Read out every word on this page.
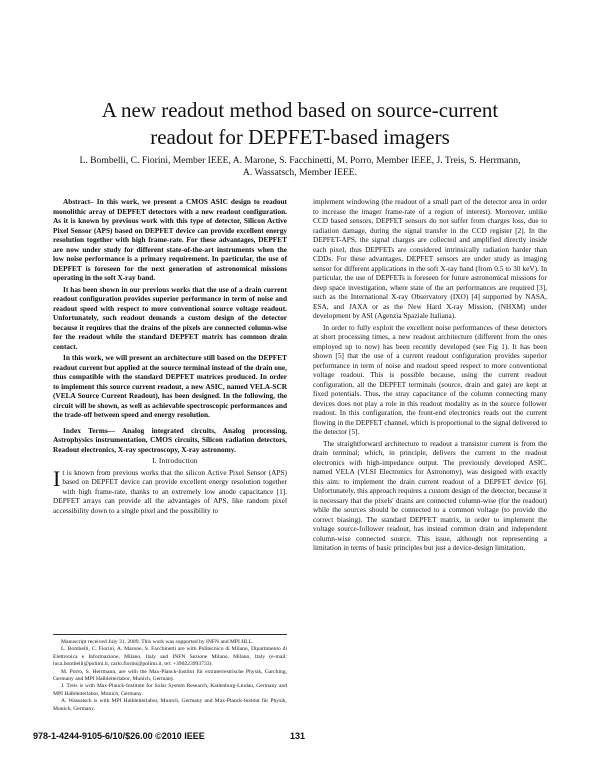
A new readout method based on source-current
readout for DEPFET-based imagers
L. Bombelli, C. Fiorini, Member IEEE, A. Marone, S. Facchinetti, M. Porro, Member IEEE, J. Treis, S. Herrmann,
A. Wassatsch, Member IEEE.

Abstract– In this work, we present a CMOS ASIC design to readout monolithic array of DEPFET detectors with a new readout configuration. As it is known by previous work with this type of detector, Silicon Active Pixel Sensor (APS) based on DEPFET device can provide excellent energy resolution together with high frame-rate. For these advantages, DEPFET are now under study for different state-of-the-art instruments when the low noise performance is a primary requirement. In particular, the use of DEPFET is foreseen for the next generation of astronomical missions operating in the soft X-ray band.

It has been shown in our previous works that the use of a drain current readout configuration provides superior performance in term of noise and readout speed with respect to more conventional source voltage readout. Unfortunately, such readout demands a custom design of the detector because it requires that the drains of the pixels are connected column-wise for the readout while the standard DEPFET matrix has common drain contact.

In this work, we will present an architecture still based on the DEPFET readout current but applied at the source terminal instead of the drain one, thus compatible with the standard DEPFET matrices produced. In order to implement this source current readout, a new ASIC, named VELA-SCR (VELA Source Current Readout), has been designed. In the following, the circuit will be shown, as well as achievable spectroscopic performances and the trade-off between speed and energy resolution.

Index Terms— Analog integrated circuits, Analog processing, Astrophysics instrumentation, CMOS circuits, Silicon radiation detectors, Readout electronics, X-ray spectroscopy, X-ray astronomy.

I. Introduction

It is known from previous works that the silicon Active Pixel Sensor (APS) based on DEPFET device can provide excellent energy resolution together with high frame-rate, thanks to an extremely low anode capacitance [1]. DEPFET arrays can provide all the advantages of APS, like random pixel accessibility down to a single pixel and the possibility to

Manuscript received July 31, 2009. This work was supported by INFN and MPI HLL.

L. Bombelli, C. Fiorini, A. Marone, S. Facchinetti are with Politecnico di Milano, Dipartimento di Elettronica e Informazione, Milano, Italy and INFN Sezione Milano, Milano, Italy (e-mail: luca.bombelli@polimi.it, carlo.fiorini@polimi.it, tel: +390223993733).

M. Porro, S. Herrmann, are with the Max-Planck-Institut für extraterrestrische Physik, Garching, Germany and MPI Halbleiterlabor, Munich, Germany.

J. Treis is with Max-Planck-Institute for Solar System Research, Katlenburg-Lindau, Germany and MPI Halbleiterlabor, Munich, Germany.

A. Wassatsch is with MPI Halbleiterlabor, Munich, Germany and Max-Planck-Institut für Physik, Munich, Germany.

implement windowing (the readout of a small part of the detector area in order to increase the imager frame-rate of a region of interest). Moreover, unlike CCD based sensors, DEPFET sensors do not suffer from charges loss, due to radiation damage, during the signal transfer in the CCD register [2]. In the DEPFET-APS, the signal charges are collected and amplified directly inside each pixel, thus DEPFETs are considered intrinsically radiation harder than CDDs. For these advantages, DEPFET sensors are under study as imaging sensor for different applications in the soft X-ray band (from 0.5 to 30 keV). In particular, the use of DEPFETs is foreseen for future astronomical missions for deep space investigation, where state of the art performances are required [3], such as the International X-ray Observatory (IXO) [4] supported by NASA, ESA, and JAXA or as the New Hard X-ray Mission, (NHXM) under development by ASI (Agenzia Spaziale Italiana).

In order to fully exploit the excellent noise performances of these detectors at short processing times, a new readout architecture (different from the ones employed up to now) has been recently developed (see Fig 1). It has been shown [5] that the use of a current readout configuration provides superior performance in term of noise and readout speed respect to more conventional voltage readout. This is possible because, using the current readout configuration, all the DEPFET terminals (source, drain and gate) are kept at fixed potentials. Thus, the stray capacitance of the column connecting many devices does not play a role in this readout modality as in the source follower readout. In this configuration, the front-end electronics reads out the current flowing in the DEPFET channel, which is proportional to the signal delivered to the detector [5].

The straightforward architecture to readout a transistor current is from the drain terminal; which, in principle, delivers the current to the readout electronics with high-impedance output. The previously developed ASIC, named VELA (VLSI Electronics for Astronomy), was designed with exactly this aim: to implement the drain current readout of a DEPFET device [6]. Unfortunately, this approach requires a custom design of the detector, because it is necessary that the pixels' drains are connected column-wise (for the readout) while the sources should be connected to a common voltage (to provide the correct biasing). The standard DEPFET matrix, in order to implement the voltage source-follower readout, has instead common drain and independent column-wise connected source. This issue, although not representing a limitation in terms of basic principles but just a device-design limitation,

978-1-4244-9105-6/10/$26.00 ©2010 IEEE	131
